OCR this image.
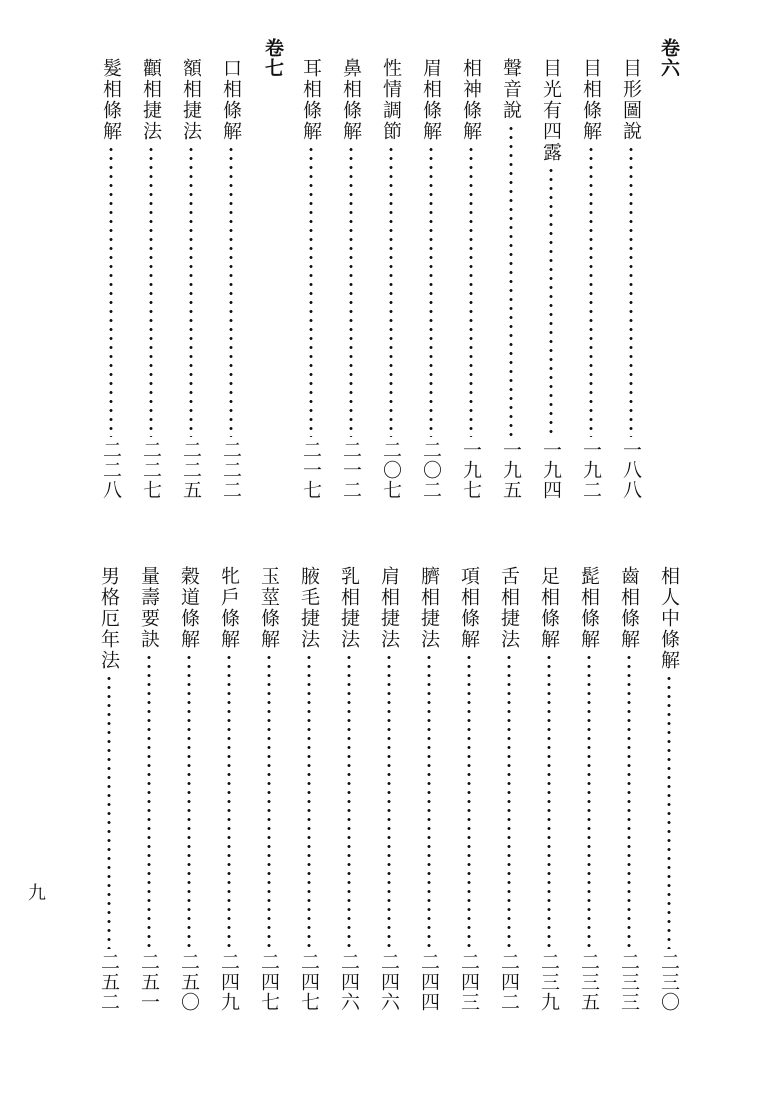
卷六
卷七	目形圖說
一八八
目相條解
一九二
目光有四露
一九四
聲音說
一九五
相神條解
一九七
眉相條解
二〇二
性情調節
二〇七
鼻相條解
二一二
耳相條解
二一七
口相條解
二二二
額相捷法
二二五
顴相捷法
二二七
髮相條解
二二八
相人中條解
二三〇
齒相條解
二三三
髭相條解
二三五
足相條解
二三九
舌相捷法
二四二
項相條解
二四三
臍相捷法
二四四
肩相捷法
二四六
乳相捷法
二四六
腋毛捷法
二四七
玉莖條解
二四七
牝戶條解
二四九
穀道條解
二五〇
量壽要訣
二五一
男格厄年法
二五二
九
